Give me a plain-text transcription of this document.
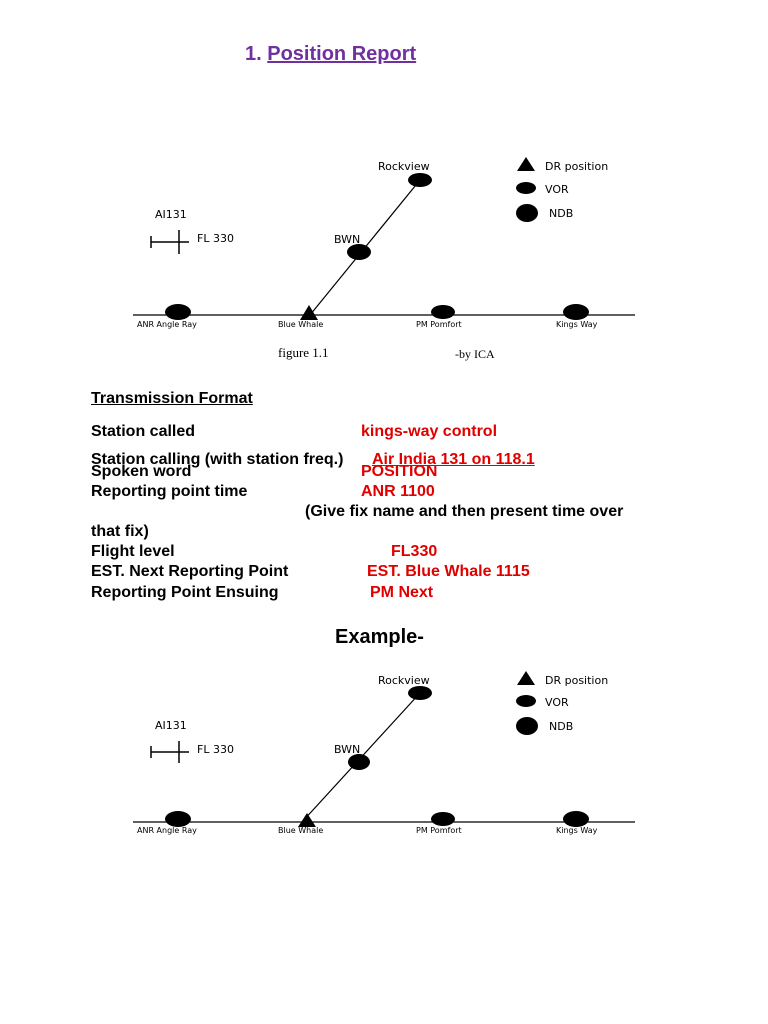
1. Position Report
AI131
FL 330
Rockview
BWN
ANR Angle Ray	Blue Whale	PM Pomfort	Kings Way
DR position
VOR
NDB
figure 1.1	-by ICA
Transmission Format
Station called	kings-way control
Station calling (with station freq.) Air India 131 on 118.1
Spoken word	POSITION
Reporting point time	ANR 1100
(Give fix name and then present time over
that fix)
Flight level	FL330
EST. Next Reporting Point	EST. Blue Whale 1115
Reporting Point Ensuing	PM Next
Example-
AI131
FL 330
Rockview
BWN
ANR Angle Ray	Blue Whale	PM Pomfort	Kings Way
DR position
VOR
NDB
